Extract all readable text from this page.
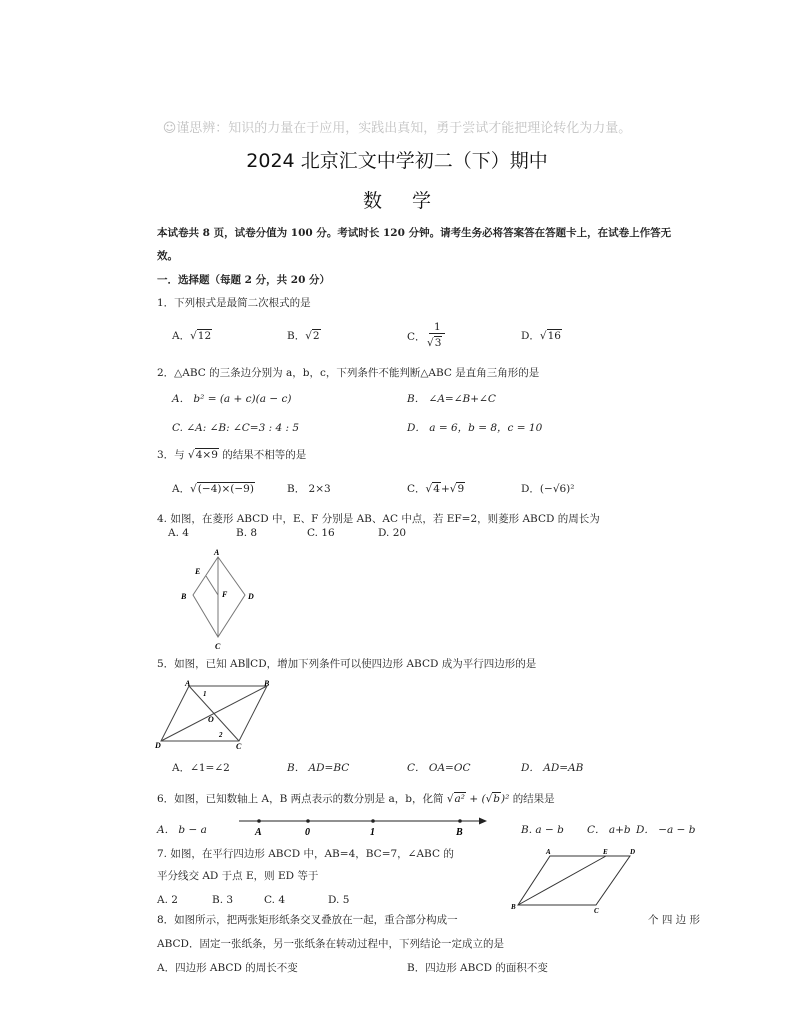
☺谨思辨：知识的力量在于应用，实践出真知，勇于尝试才能把理论转化为力量。
2024 北京汇文中学初二（下）期中
数学
本试卷共 8 页，试卷分值为 100 分。考试时长 120 分钟。请考生务必将答案答在答题卡上，在试卷上作答无
效。
一．选择题（每题 2 分，共 20 分）
1．下列根式是最简二次根式的是
A．√12	B．√2	C．
1
√3
D．√16
2．△ABC 的三条边分别为 a，b，c，下列条件不能判断△ABC 是直角三角形的是
A． b² = (a + c)(a − c)	B． ∠A=∠B+∠C
C. ∠A: ∠B: ∠C=3 : 4 : 5	D． a = 6，b = 8，c = 10
3．与 √4×9 的结果不相等的是
A．√(−4)×(−9)	B． 2×3	C．√4+√9	D．(−√6)²
4. 如图，在菱形 ABCD 中，E、F 分别是 AB、AC 中点，若 EF=2，则菱形 ABCD 的周长为
A. 4	B. 8	C. 16	D. 20
A
B
C
D
E
F
5．如图，已知 AB∥CD，增加下列条件可以使四边形 ABCD 成为平行四边形的是
A	B
C
D
O
1
2
A．∠1=∠2	B． AD=BC	C． OA=OC	D． AD=AB
6．如图，已知数轴上 A，B 两点表示的数分别是 a，b，化简 √a² + (√b)² 的结果是
A． b − a	A	0	1	B	B. a − b C． a+b D． −a − b
7. 如图，在平行四边形 ABCD 中，AB=4，BC=7，∠ABC 的
平分线交 AD 于点 E，则 ED 等于
A. 2	B. 3	C. 4	D. 5
A	E	D
B	C
8．如图所示，把两张矩形纸条交叉叠放在一起，重合部分构成一	个 四 边 形
ABCD．固定一张纸条，另一张纸条在转动过程中，下列结论一定成立的是
A．四边形 ABCD 的周长不变	B．四边形 ABCD 的面积不变
